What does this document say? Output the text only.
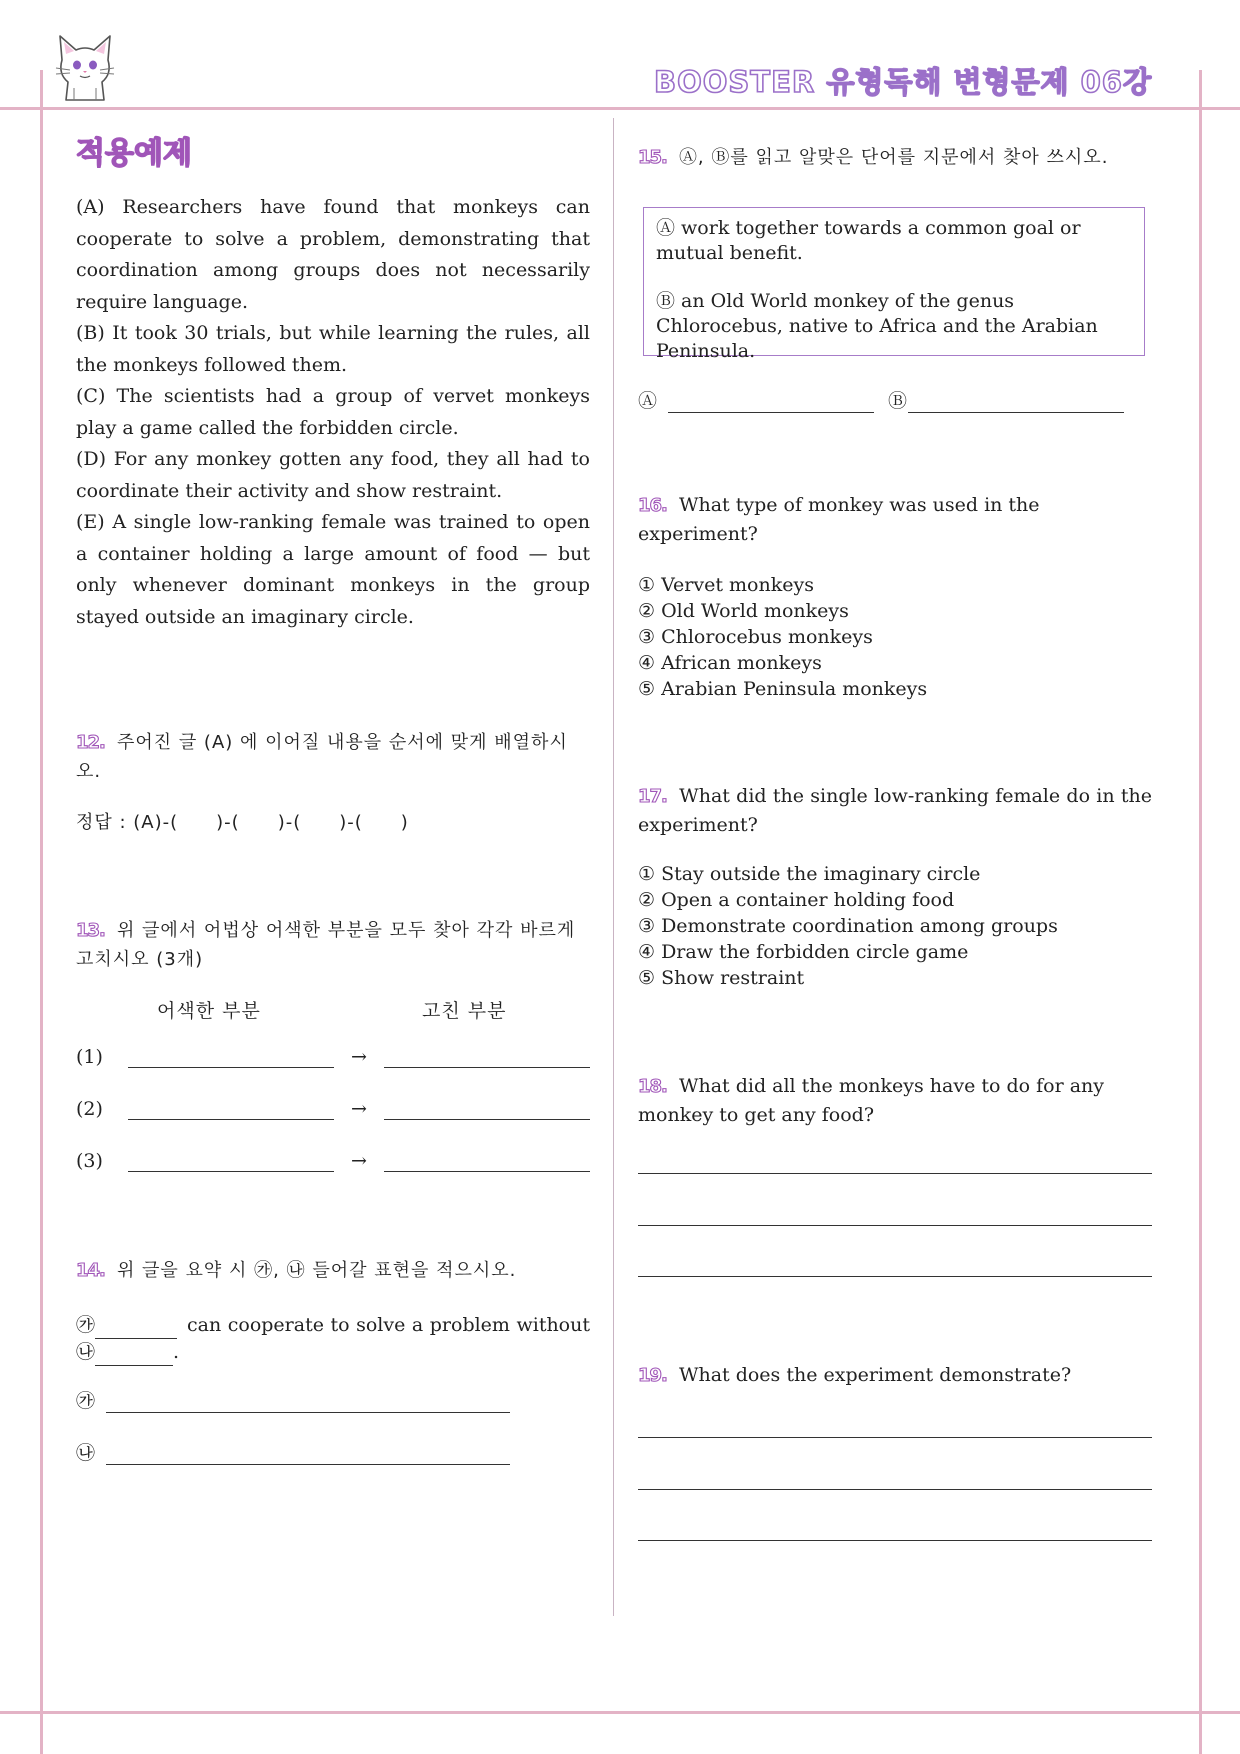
BOOSTER 유형독해 변형문제 06강
적용예제

(A) Researchers have found that monkeys can cooperate to solve a problem, demonstrating that coordination among groups does not necessarily require language.

(B) It took 30 trials, but while learning the rules, all the monkeys followed them.

(C) The scientists had a group of vervet monkeys play a game called the forbidden circle.

(D) For any monkey gotten any food, they all had to coordinate their activity and show restraint.

(E) A single low-ranking female was trained to open a container holding a large amount of food — but only whenever dominant monkeys in the group stayed outside an imaginary circle.

12. 주어진 글 (A) 에 이어질 내용을 순서에 맞게 배열하시오.
정답 : (A)-(　　)-(　　)-(　　)-(　　)
13. 위 글에서 어법상 어색한 부분을 모두 찾아 각각 바르게 고치시오 (3개)
어색한 부분	고친 부분
(1)	→
(2)	→
(3)	→
14. 위 글을 요약 시 ㉮, ㉯ 들어갈 표현을 적으시오.
㉮	can cooperate to solve a problem without
㉯	.
㉮
㉯
15. Ⓐ, Ⓑ를 읽고 알맞은 단어를 지문에서 찾아 쓰시오.

Ⓐ work together towards a common goal or mutual benefit.

Ⓑ an Old World monkey of the genus Chlorocebus, native to Africa and the Arabian Peninsula.

Ⓐ	Ⓑ
16. What type of monkey was used in the experiment?
① Vervet monkeys
② Old World monkeys
③ Chlorocebus monkeys
④ African monkeys
⑤ Arabian Peninsula monkeys
17. What did the single low-ranking female do in the experiment?
① Stay outside the imaginary circle
② Open a container holding food
③ Demonstrate coordination among groups
④ Draw the forbidden circle game
⑤ Show restraint
18. What did all the monkeys have to do for any monkey to get any food?
19. What does the experiment demonstrate?
